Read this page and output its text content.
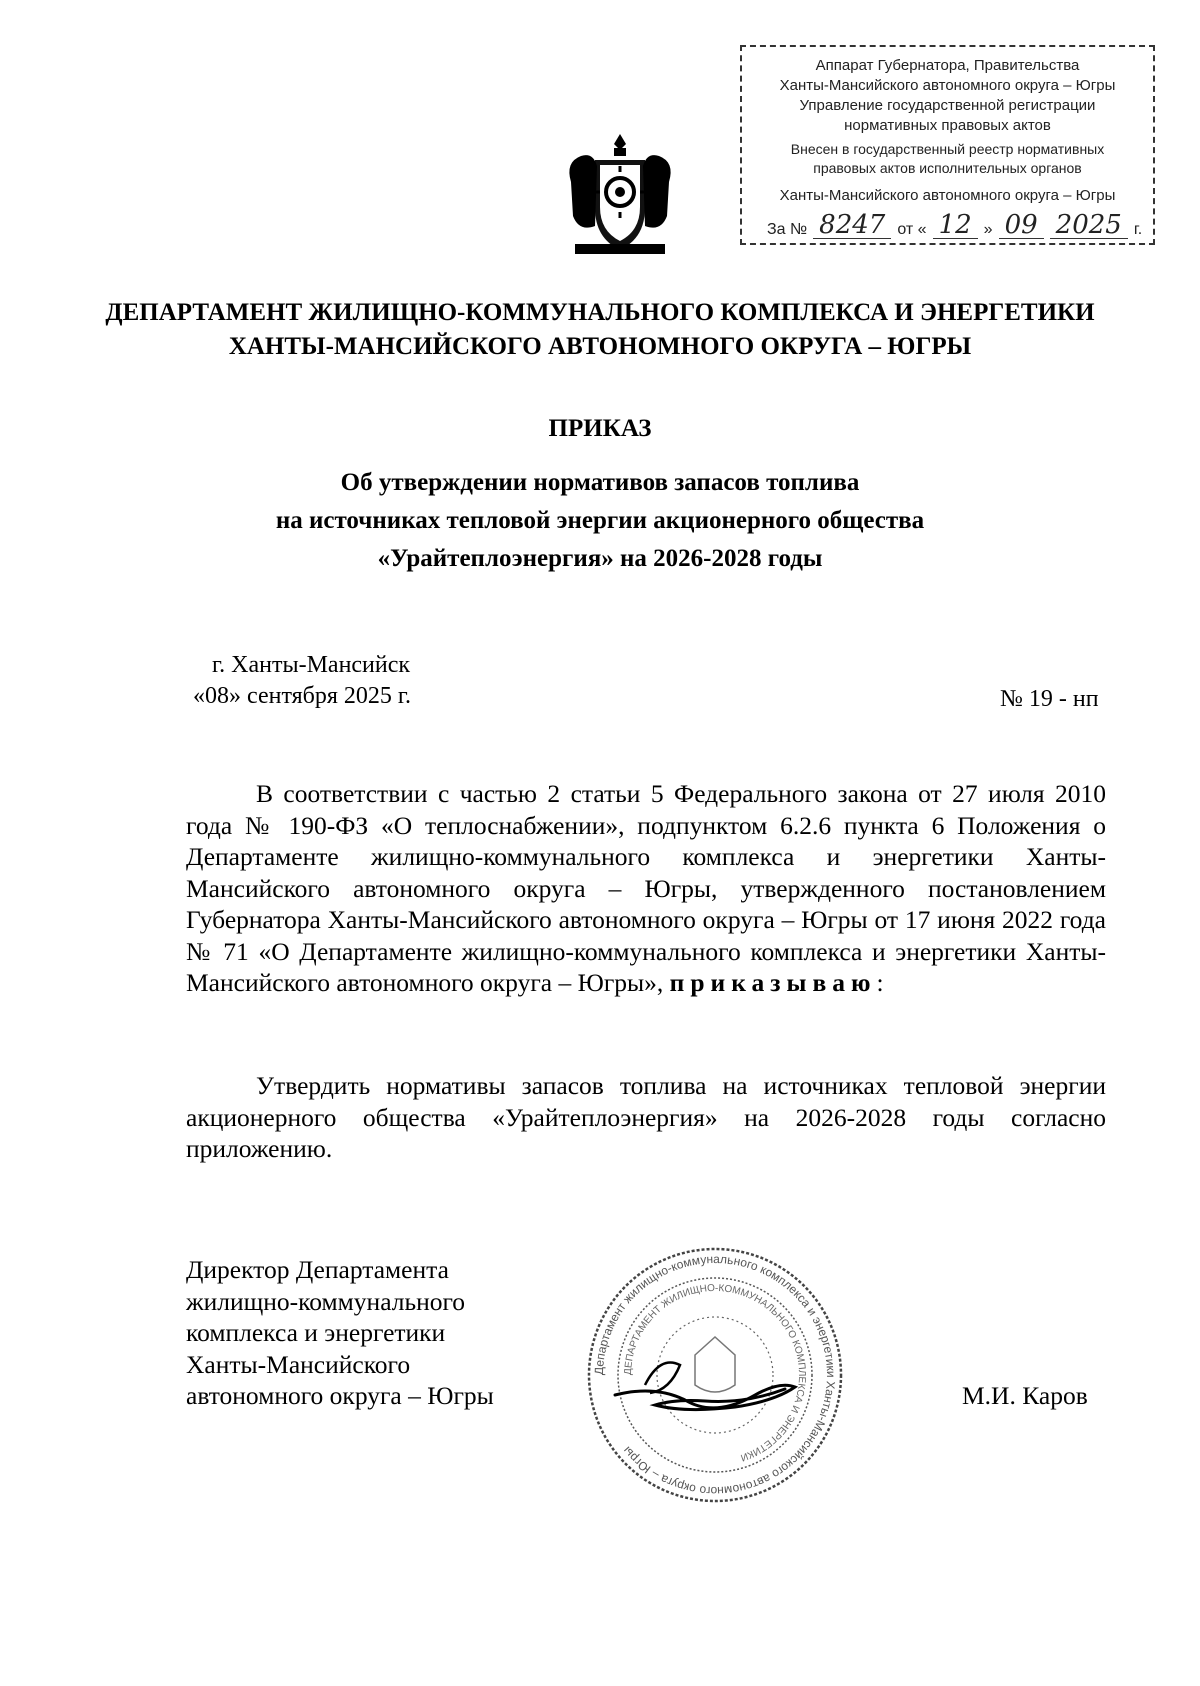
Аппарат Губернатора, Правительства
Ханты-Мансийского автономного округа – Югры
Управление государственной регистрации
нормативных правовых актов
Внесен в государственный реестр нормативных
правовых актов исполнительных органов
Ханты-Мансийского автономного округа – Югры
За № 8247 от « 12 » 09 2025 г.
ДЕПАРТАМЕНТ ЖИЛИЩНО-КОММУНАЛЬНОГО КОМПЛЕКСА И ЭНЕРГЕТИКИ
ХАНТЫ-МАНСИЙСКОГО АВТОНОМНОГО ОКРУГА – ЮГРЫ
ПРИКАЗ
Об утверждении нормативов запасов топлива
на источниках тепловой энергии акционерного общества
«Урайтеплоэнергия» на 2026-2028 годы
г. Ханты-Мансийск
«08» сентября 2025 г.	№ 19 - нп
В соответствии с частью 2 статьи 5 Федерального закона от 27 июля 2010 года № 190-ФЗ «О теплоснабжении», подпунктом 6.2.6 пункта 6 Положения о Департаменте жилищно-коммунального комплекса и энергетики Ханты-Мансийского автономного округа – Югры, утвержденного постановлением Губернатора Ханты-Мансийского автономного округа – Югры от 17 июня 2022 года № 71 «О Департаменте жилищно-коммунального комплекса и энергетики Ханты-Мансийского автономного округа – Югры», приказываю:
Утвердить нормативы запасов топлива на источниках тепловой энергии акционерного общества «Урайтеплоэнергия» на 2026-2028 годы согласно приложению.
Директор Департамента
жилищно-коммунального
комплекса и энергетики
Ханты-Мансийского
автономного округа – Югры	М.И. Каров
Департамент жилищно-коммунального комплекса и энергетики Ханты-Мансийского автономного округа – Югры
ДЕПАРТАМЕНТ ЖИЛИЩНО-КОММУНАЛЬНОГО КОМПЛЕКСА И ЭНЕРГЕТИКИ
